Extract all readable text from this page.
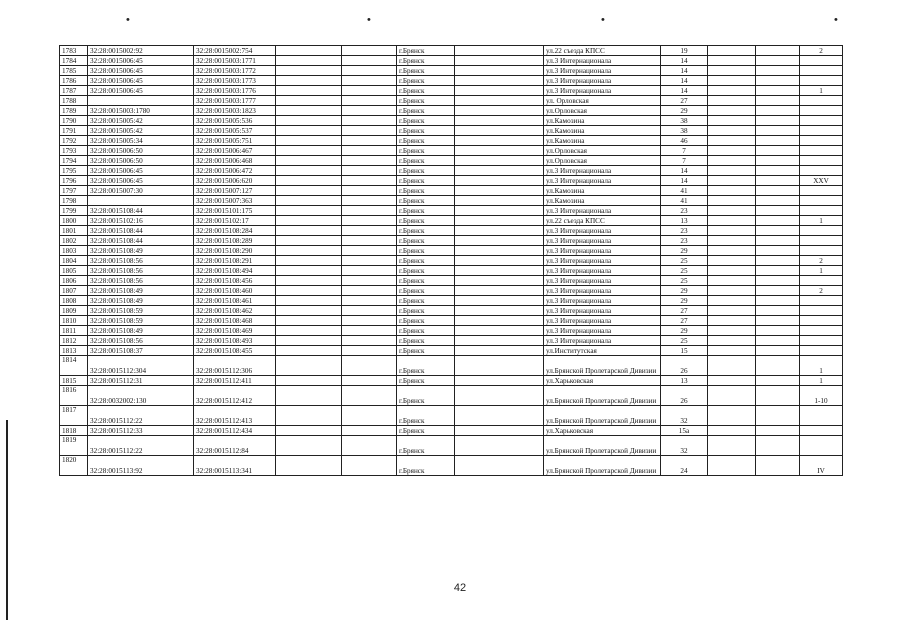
•	•	•	•
1783	32:28:0015002:92	32:28:0015002:754			г.Брянск		ул.22 съезда КПСС	19			2
1784	32:28:0015006:45	32:28:0015003:1771			г.Брянск		ул.3 Интернационала	14			
1785	32:28:0015006:45	32:28:0015003:1772			г.Брянск		ул.3 Интернационала	14			
1786	32:28:0015006:45	32:28:0015003:1773			г.Брянск		ул.3 Интернационала	14			
1787	32:28:0015006:45	32:28:0015003:1776			г.Брянск		ул.3 Интернационала	14			1
1788		32:28:0015003:1777			г.Брянск		ул. Орловская	27			
1789	32:28:0015003:1780	32:28:0015003:1823			г.Брянск		ул.Орловская	29			
1790	32:28:0015005:42	32:28:0015005:536			г.Брянск		ул.Камозина	38			
1791	32:28:0015005:42	32:28:0015005:537			г.Брянск		ул.Камозина	38			
1792	32:28:0015005:34	32:28:0015005:751			г.Брянск		ул.Камозина	46			
1793	32:28:0015006:50	32:28:0015006:467			г.Брянск		ул.Орловская	7			
1794	32:28:0015006:50	32:28:0015006:468			г.Брянск		ул.Орловская	7			
1795	32:28:0015006:45	32:28:0015006:472			г.Брянск		ул.3 Интернационала	14			
1796	32:28:0015006:45	32:28:0015006:620			г.Брянск		ул.3 Интернационала	14			XXV
1797	32:28:0015007:30	32:28:0015007:127			г.Брянск		ул.Камозина	41			
1798		32:28:0015007:363			г.Брянск		ул.Камозина	41			
1799	32:28:0015108:44	32:28:0015101:175			г.Брянск		ул.3 Интернационала	23			
1800	32:28:0015102:16	32:28:0015102:17			г.Брянск		ул.22 съезда КПСС	13			1
1801	32:28:0015108:44	32:28:0015108:284			г.Брянск		ул.3 Интернационала	23			
1802	32:28:0015108:44	32:28:0015108:289			г.Брянск		ул.3 Интернационала	23			
1803	32:28:0015108:49	32:28:0015108:290			г.Брянск		ул.3 Интернационала	29			
1804	32:28:0015108:56	32:28:0015108:291			г.Брянск		ул.3 Интернационала	25			2
1805	32:28:0015108:56	32:28:0015108:494			г.Брянск		ул.3 Интернационала	25			1
1806	32:28:0015108:56	32:28:0015108:456			г.Брянск		ул.3 Интернационала	25			
1807	32:28:0015108:49	32:28:0015108:460			г.Брянск		ул.3 Интернационала	29			2
1808	32:28:0015108:49	32:28:0015108:461			г.Брянск		ул.3 Интернационала	29			
1809	32:28:0015108:59	32:28:0015108:462			г.Брянск		ул.3 Интернационала	27			
1810	32:28:0015108:59	32:28:0015108:468			г.Брянск		ул.3 Интернационала	27			
1811	32:28:0015108:49	32:28:0015108:469			г.Брянск		ул.3 Интернационала	29			
1812	32:28:0015108:56	32:28:0015108:493			г.Брянск		ул.3 Интернационала	25			
1813	32:28:0015108:37	32:28:0015108:455			г.Брянск		ул.Институтская	15			
1814	32:28:0015112:304	32:28:0015112:306			г.Брянск		ул.Брянской Пролетарской Дивизии	26			1
1815	32:28:0015112:31	32:28:0015112:411			г.Брянск		ул.Харьковская	13			1
1816	32:28:0032002:130	32:28:0015112:412			г.Брянск		ул.Брянской Пролетарской Дивизии	26			1-10
1817	32:28:0015112:22	32:28:0015112:413			г.Брянск		ул.Брянской Пролетарской Дивизии	32			
1818	32:28:0015112:33	32:28:0015112:434			г.Брянск		ул.Харьковская	15а			
1819	32:28:0015112:22	32:28:0015112:84			г.Брянск		ул.Брянской Пролетарской Дивизии	32			
1820	32:28:0015113:92	32:28:0015113:341			г.Брянск		ул.Брянской Пролетарской Дивизии	24			IV
42
